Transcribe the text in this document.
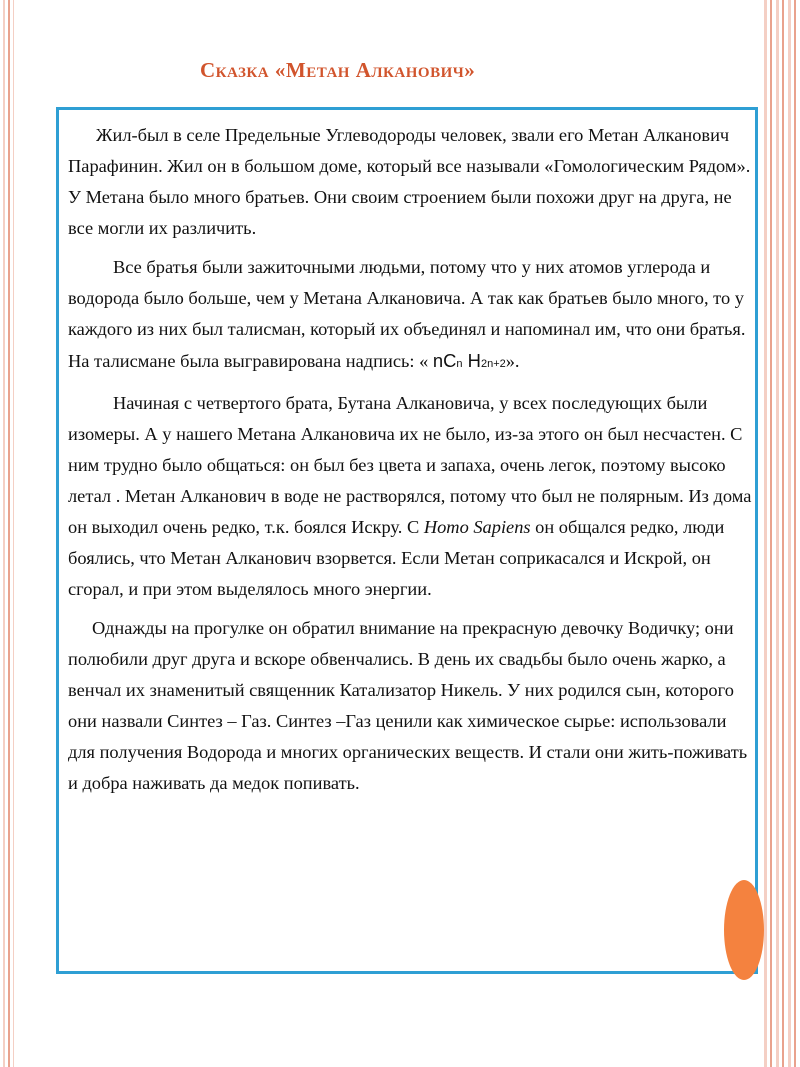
Сказка «Метан Алканович»

Жил-был в селе Предельные Углеводороды человек, звали его Метан Алканович Парафинин. Жил он в большом доме, который все называли «Гомологическим Рядом». У Метана было много братьев. Они своим строением были похожи друг на друга, не все могли их различить.

Все братья были зажиточными людьми, потому что у них атомов углерода и водорода было больше, чем у Метана Алкановича. А так как братьев было много, то у каждого из них был талисман, который их объединял и напоминал им, что они братья. На талисмане была выгравирована надпись: « nCn H2n+2».

Начиная с четвертого брата, Бутана Алкановича, у всех последующих были изомеры. А у нашего Метана Алкановича их не было, из-за этого он был несчастен. С ним трудно было общаться: он был без цвета и запаха, очень легок, поэтому высоко летал . Метан Алканович в воде не растворялся, потому что был не полярным. Из дома он выходил очень редко, т.к. боялся Искру. С Homo Sapiens он общался редко, люди боялись, что Метан Алканович взорвется. Если Метан соприкасался и Искрой, он сгорал, и при этом выделялось много энергии.

Однажды на прогулке он обратил внимание на прекрасную девочку Водичку; они полюбили друг друга и вскоре обвенчались. В день их свадьбы было очень жарко, а венчал их знаменитый священник Катализатор Никель. У них родился сын, которого они назвали Синтез – Газ. Синтез –Газ ценили как химическое сырье: использовали для получения Водорода и многих органических веществ. И стали они жить-поживать и добра наживать да медок попивать.
